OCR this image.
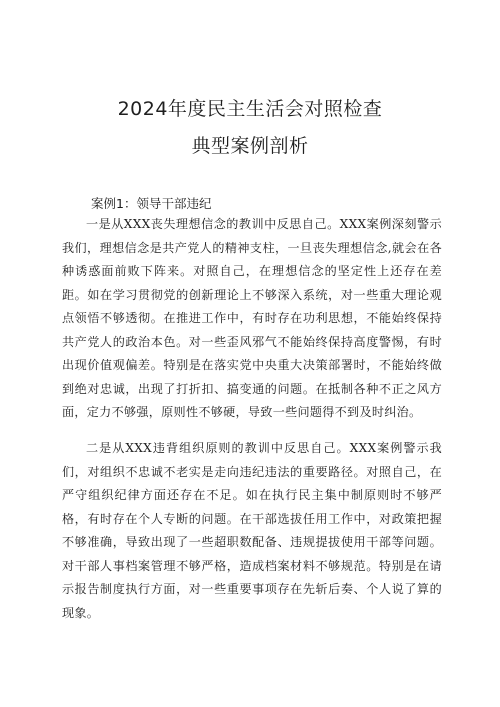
2024年度民主生活会对照检查
典型案例剖析
案例1：领导干部违纪

一是从XXX丧失理想信念的教训中反思自己。XXX案例深刻警示我们，理想信念是共产党人的精神支柱，一旦丧失理想信念,就会在各种诱惑面前败下阵来。对照自己，在理想信念的坚定性上还存在差距。如在学习贯彻党的创新理论上不够深入系统，对一些重大理论观点领悟不够透彻。在推进工作中，有时存在功利思想，不能始终保持共产党人的政治本色。对一些歪风邪气不能始终保持高度警惕，有时出现价值观偏差。特别是在落实党中央重大决策部署时，不能始终做到绝对忠诚，出现了打折扣、搞变通的问题。在抵制各种不正之风方面，定力不够强，原则性不够硬，导致一些问题得不到及时纠治。

二是从XXX违背组织原则的教训中反思自己。XXX案例警示我们，对组织不忠诚不老实是走向违纪违法的重要路径。对照自己，在严守组织纪律方面还存在不足。如在执行民主集中制原则时不够严格，有时存在个人专断的问题。在干部选拔任用工作中，对政策把握不够准确，导致出现了一些超职数配备、违规提拔使用干部等问题。对干部人事档案管理不够严格，造成档案材料不够规范。特别是在请示报告制度执行方面，对一些重要事项存在先斩后奏、个人说了算的现象。
